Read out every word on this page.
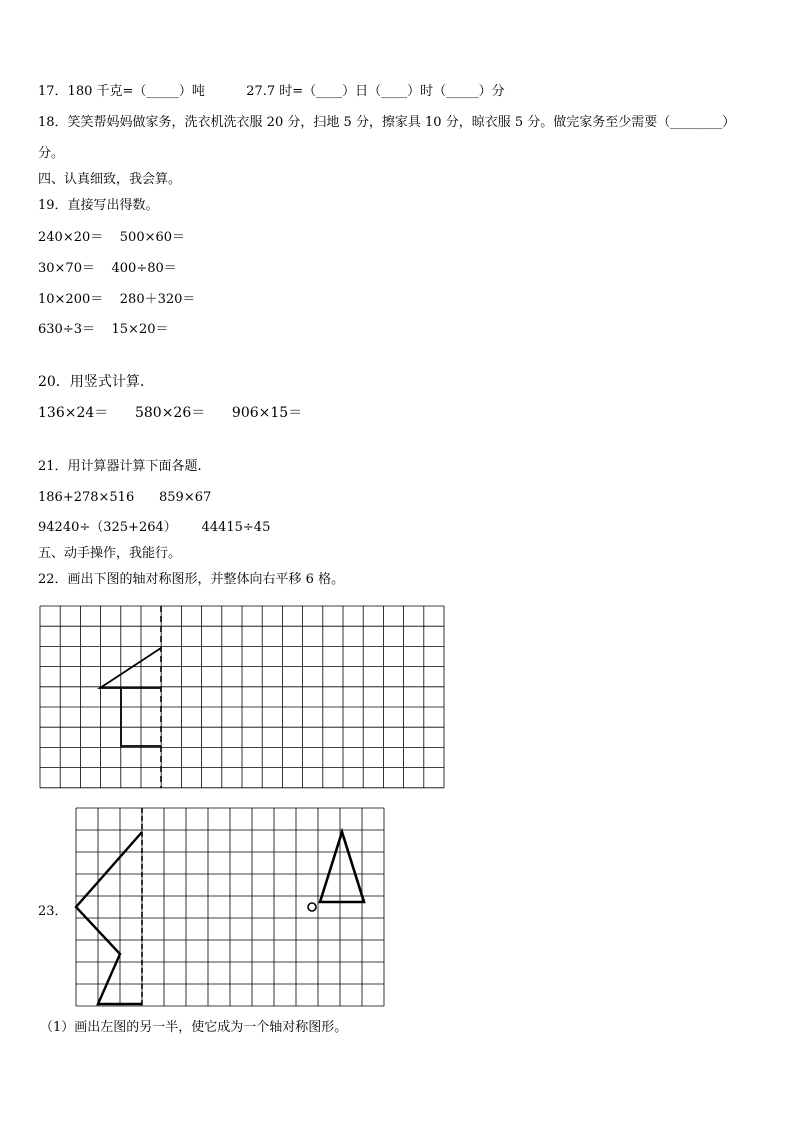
17．180 千克=（_____）吨          27.7 时=（____）日（____）时（_____）分
18．笑笑帮妈妈做家务，洗衣机洗衣服 20 分，扫地 5 分，擦家具 10 分，晾衣服 5 分。做完家务至少需要（________）
分。
四、认真细致，我会算。
19．直接写出得数。
240×20＝    500×60＝
30×70＝    400÷80＝
10×200＝    280＋320＝
630÷3＝    15×20＝
20．用竖式计算.
136×24＝      580×26＝      906×15＝
21．用计算器计算下面各题.
186+278×516      859×67
94240÷（325+264）      44415÷45
五、动手操作，我能行。
22．画出下图的轴对称图形，并整体向右平移 6 格。
23．
（1）画出左图的另一半，使它成为一个轴对称图形。
